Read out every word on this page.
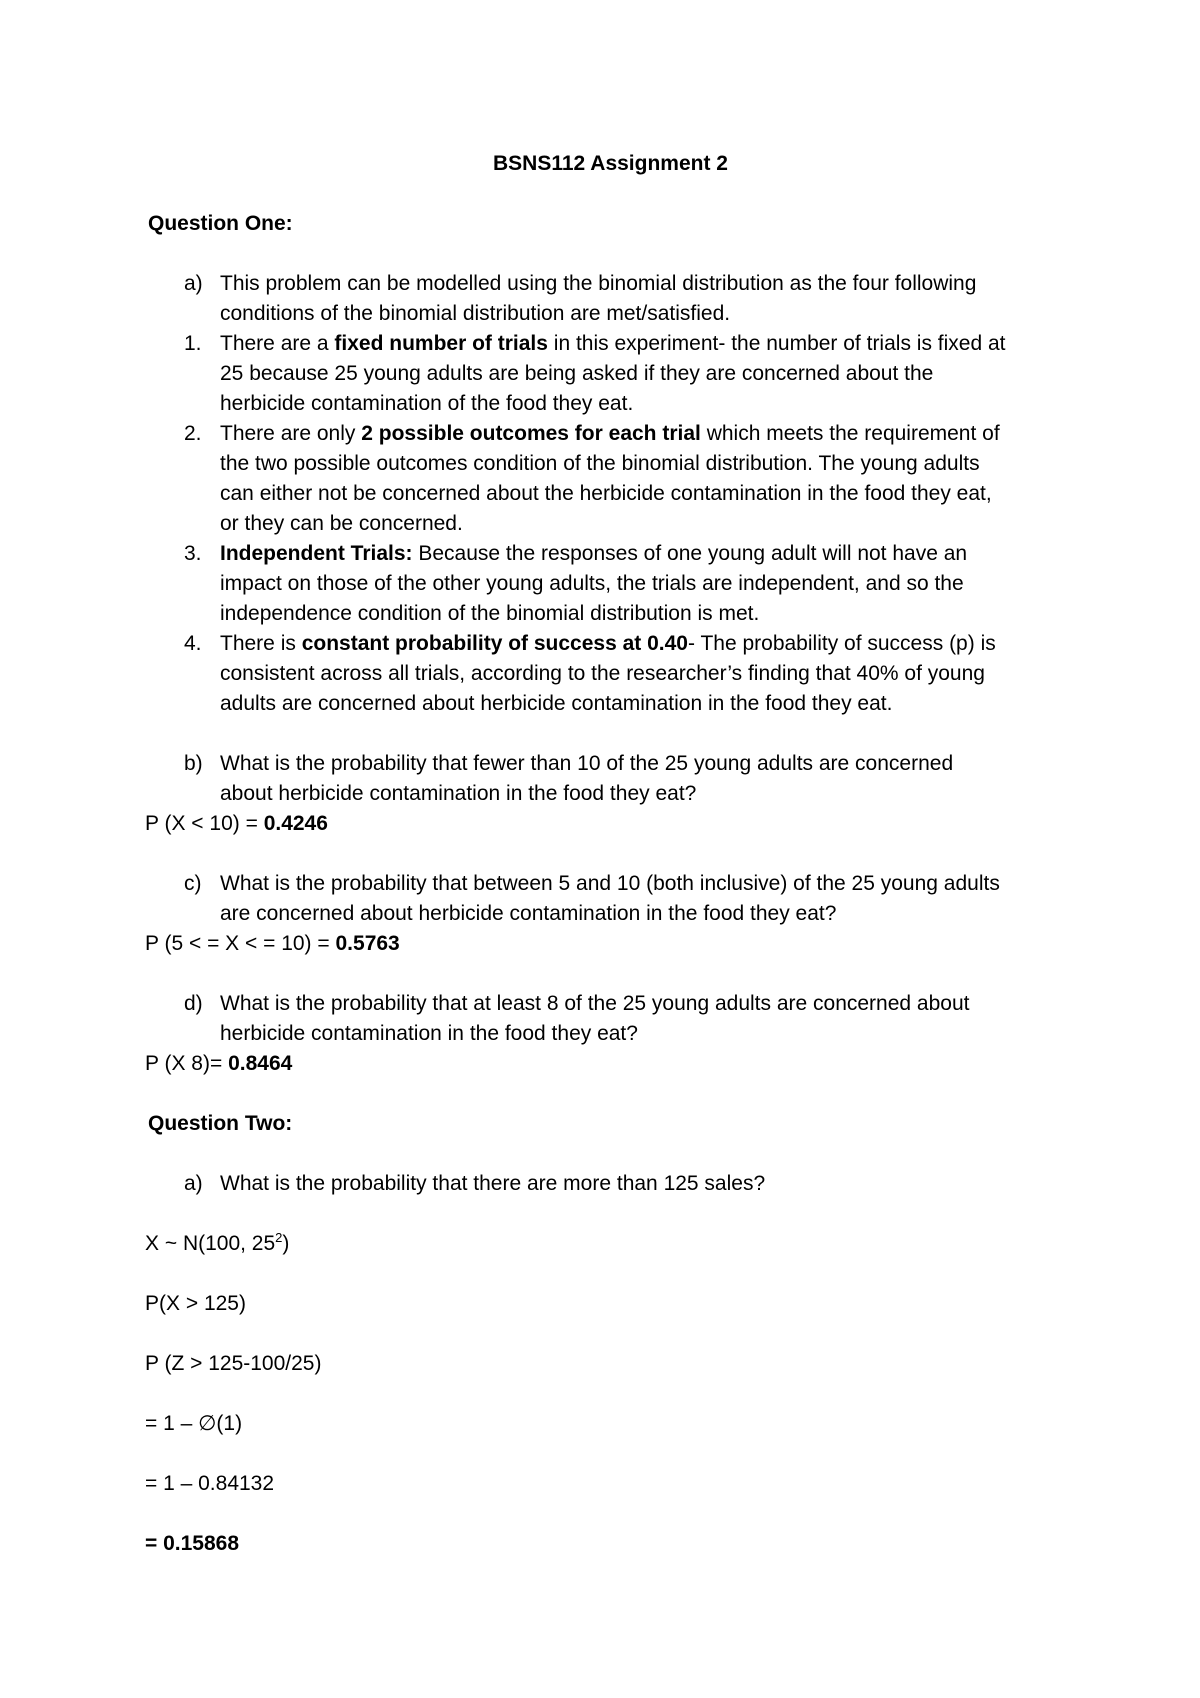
BSNS112 Assignment 2
Question One:
a) This problem can be modelled using the binomial distribution as the four following
conditions of the binomial distribution are met/satisfied.
1. There are a fixed number of trials in this experiment- the number of trials is fixed at
25 because 25 young adults are being asked if they are concerned about the
herbicide contamination of the food they eat.
2. There are only 2 possible outcomes for each trial which meets the requirement of
the two possible outcomes condition of the binomial distribution. The young adults
can either not be concerned about the herbicide contamination in the food they eat,
or they can be concerned.
3. Independent Trials: Because the responses of one young adult will not have an
impact on those of the other young adults, the trials are independent, and so the
independence condition of the binomial distribution is met.
4. There is constant probability of success at 0.40- The probability of success (p) is
consistent across all trials, according to the researcher’s finding that 40% of young
adults are concerned about herbicide contamination in the food they eat.
b) What is the probability that fewer than 10 of the 25 young adults are concerned
about herbicide contamination in the food they eat?
P (X < 10) = 0.4246
c) What is the probability that between 5 and 10 (both inclusive) of the 25 young adults
are concerned about herbicide contamination in the food they eat?
P (5 < = X < = 10) = 0.5763
d) What is the probability that at least 8 of the 25 young adults are concerned about
herbicide contamination in the food they eat?
P (X 8)= 0.8464
Question Two:
a) What is the probability that there are more than 125 sales?
X ~ N(100, $25^2$)
P(X > 125)
P (Z > 125-100/25)
= 1 – ∅(1)
= 1 – 0.84132
= 0.15868
